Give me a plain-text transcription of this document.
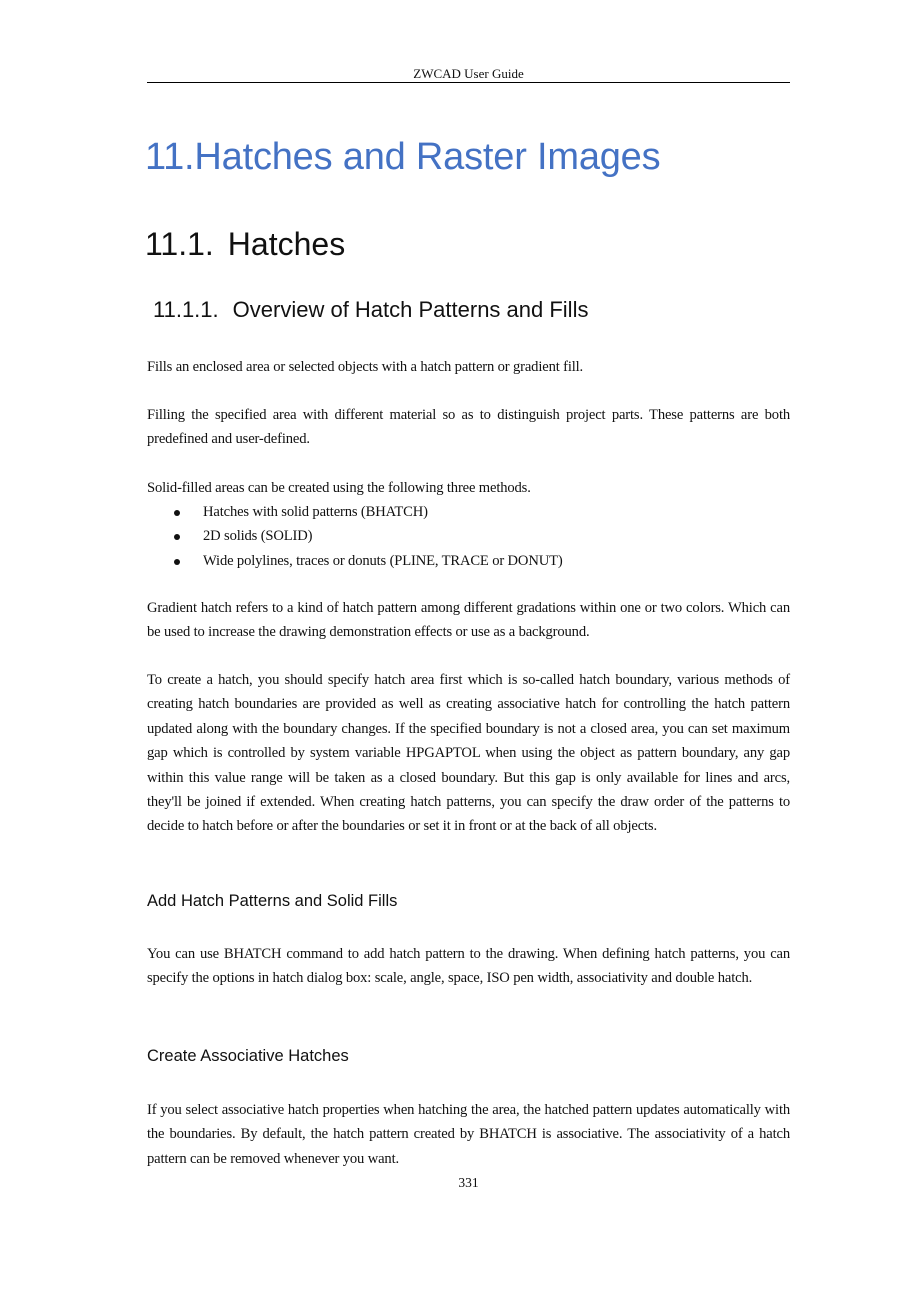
ZWCAD User Guide
11.Hatches and Raster Images
11.1. Hatches
11.1.1. Overview of Hatch Patterns and Fills
Fills an enclosed area or selected objects with a hatch pattern or gradient fill.
Filling the specified area with different material so as to distinguish project parts. These patterns are both predefined and user-defined.
Solid-filled areas can be created using the following three methods.
Hatches with solid patterns (BHATCH)
2D solids (SOLID)
Wide polylines, traces or donuts (PLINE, TRACE or DONUT)
Gradient hatch refers to a kind of hatch pattern among different gradations within one or two colors. Which can be used to increase the drawing demonstration effects or use as a background.
To create a hatch, you should specify hatch area first which is so-called hatch boundary, various methods of creating hatch boundaries are provided as well as creating associative hatch for controlling the hatch pattern updated along with the boundary changes. If the specified boundary is not a closed area, you can set maximum gap which is controlled by system variable HPGAPTOL when using the object as pattern boundary, any gap within this value range will be taken as a closed boundary. But this gap is only available for lines and arcs, they'll be joined if extended. When creating hatch patterns, you can specify the draw order of the patterns to decide to hatch before or after the boundaries or set it in front or at the back of all objects.
Add Hatch Patterns and Solid Fills
You can use BHATCH command to add hatch pattern to the drawing. When defining hatch patterns, you can specify the options in hatch dialog box: scale, angle, space, ISO pen width, associativity and double hatch.
Create Associative Hatches
If you select associative hatch properties when hatching the area, the hatched pattern updates automatically with the boundaries. By default, the hatch pattern created by BHATCH is associative. The associativity of a hatch pattern can be removed whenever you want.
331
